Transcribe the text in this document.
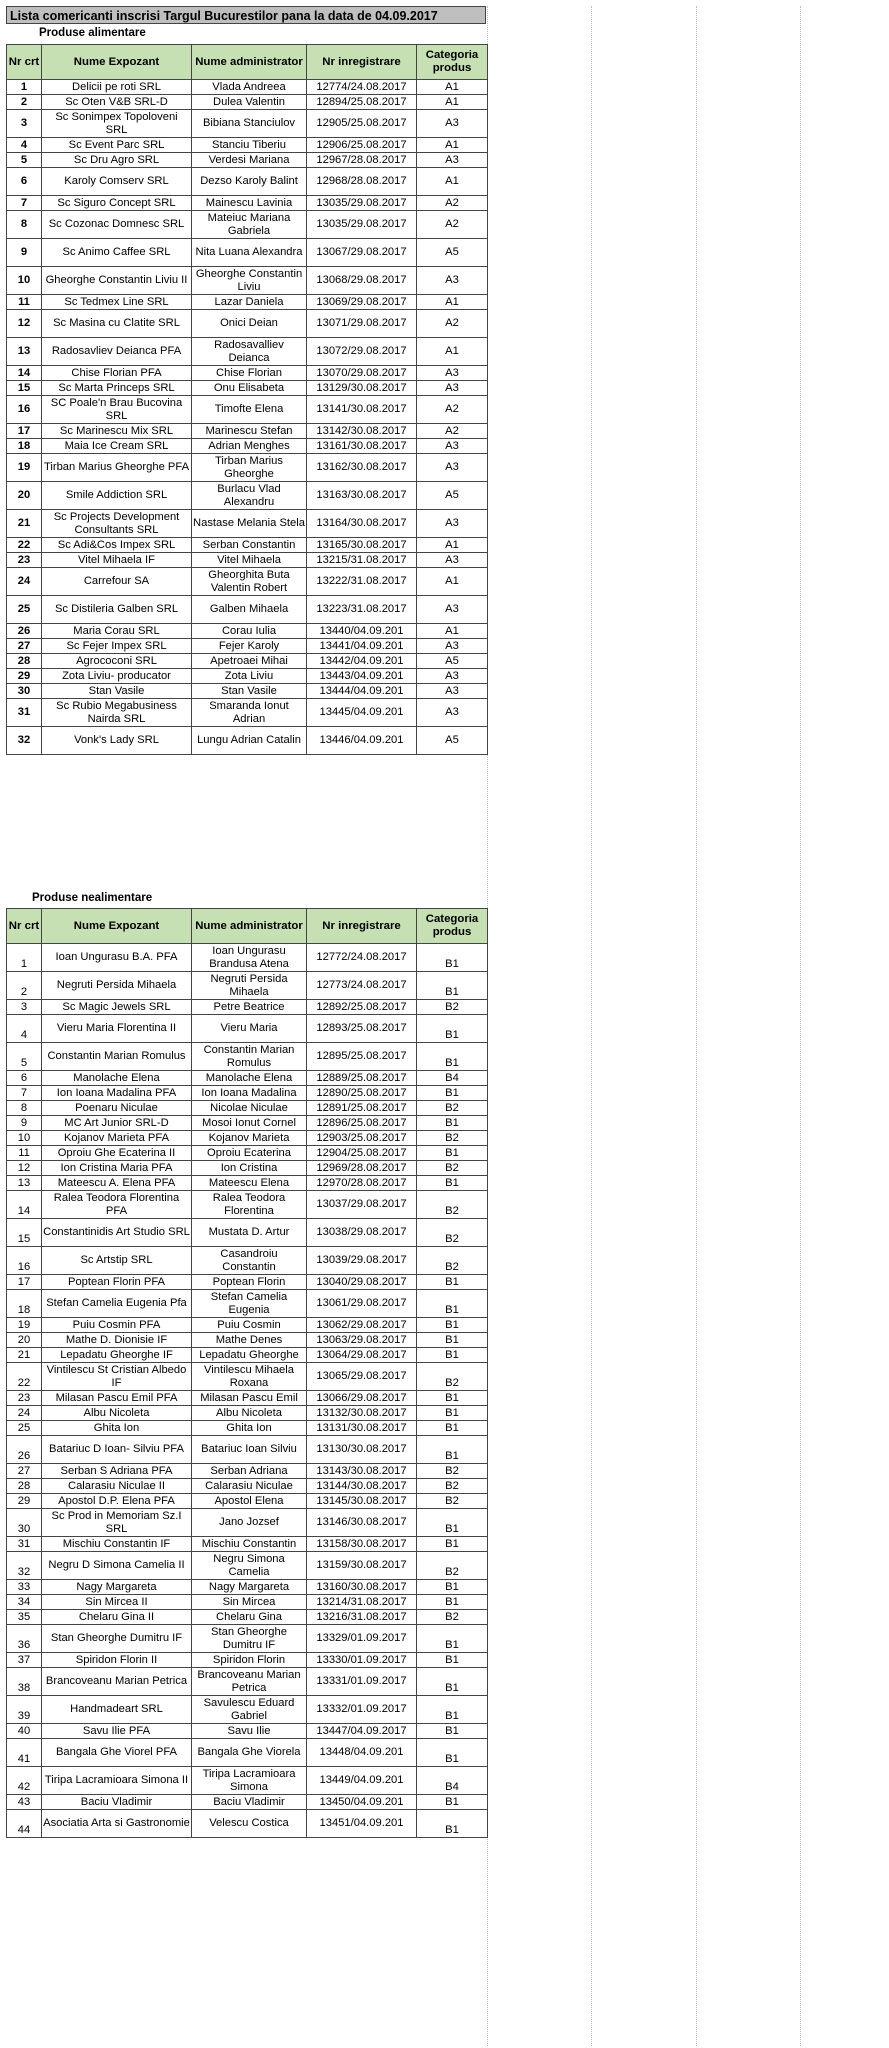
Lista comericanti inscrisi Targul Bucurestilor pana la data de 04.09.2017
Produse alimentare
Nr crt	Nume Expozant	Nume administrator	Nr inregistrare	Categoria produs
1	Delicii pe roti SRL	Vlada Andreea	12774/24.08.2017	A1
2	Sc Oten V&B SRL-D	Dulea Valentin	12894/25.08.2017	A1
3	Sc Sonimpex Topoloveni SRL	Bibiana Stanciulov	12905/25.08.2017	A3
4	Sc Event Parc SRL	Stanciu Tiberiu	12906/25.08.2017	A1
5	Sc Dru Agro SRL	Verdesi Mariana	12967/28.08.2017	A3
6	Karoly Comserv SRL	Dezso Karoly Balint	12968/28.08.2017	A1
7	Sc Siguro Concept SRL	Mainescu Lavinia	13035/29.08.2017	A2
8	Sc Cozonac Domnesc SRL	Mateiuc Mariana Gabriela	13035/29.08.2017	A2
9	Sc Animo Caffee SRL	Nita Luana Alexandra	13067/29.08.2017	A5
10	Gheorghe Constantin Liviu II	Gheorghe Constantin Liviu	13068/29.08.2017	A3
11	Sc Tedmex Line SRL	Lazar Daniela	13069/29.08.2017	A1
12	Sc Masina cu Clatite SRL	Onici Deian	13071/29.08.2017	A2
13	Radosavliev Deianca PFA	Radosavalliev Deianca	13072/29.08.2017	A1
14	Chise Florian PFA	Chise Florian	13070/29.08.2017	A3
15	Sc Marta Princeps SRL	Onu Elisabeta	13129/30.08.2017	A3
16	SC Poale'n Brau Bucovina SRL	Timofte Elena	13141/30.08.2017	A2
17	Sc Marinescu Mix SRL	Marinescu Stefan	13142/30.08.2017	A2
18	Maia Ice Cream SRL	Adrian Menghes	13161/30.08.2017	A3
19	Tirban Marius Gheorghe PFA	Tirban Marius Gheorghe	13162/30.08.2017	A3
20	Smile Addiction SRL	Burlacu Vlad Alexandru	13163/30.08.2017	A5
21	Sc Projects Development Consultants SRL	Nastase Melania Stela	13164/30.08.2017	A3
22	Sc Adi&Cos Impex SRL	Serban Constantin	13165/30.08.2017	A1
23	Vitel Mihaela IF	Vitel Mihaela	13215/31.08.2017	A3
24	Carrefour SA	Gheorghita Buta Valentin Robert	13222/31.08.2017	A1
25	Sc Distileria Galben SRL	Galben Mihaela	13223/31.08.2017	A3
26	Maria Corau SRL	Corau Iulia	13440/04.09.201	A1
27	Sc Fejer Impex SRL	Fejer Karoly	13441/04.09.201	A3
28	Agrococoni SRL	Apetroaei Mihai	13442/04.09.201	A5
29	Zota Liviu- producator	Zota Liviu	13443/04.09.201	A3
30	Stan Vasile	Stan Vasile	13444/04.09.201	A3
31	Sc Rubio Megabusiness Nairda SRL	Smaranda Ionut Adrian	13445/04.09.201	A3
32	Vonk's Lady SRL	Lungu Adrian Catalin	13446/04.09.201	A5
Produse nealimentare
Nr crt	Nume Expozant	Nume administrator	Nr inregistrare	Categoria produs
1	Ioan Ungurasu B.A. PFA	Ioan Ungurasu Brandusa Atena	12772/24.08.2017	B1
2	Negruti Persida Mihaela	Negruti Persida Mihaela	12773/24.08.2017	B1
3	Sc Magic Jewels SRL	Petre Beatrice	12892/25.08.2017	B2
4	Vieru Maria Florentina II	Vieru Maria	12893/25.08.2017	B1
5	Constantin Marian Romulus	Constantin Marian Romulus	12895/25.08.2017	B1
6	Manolache Elena	Manolache Elena	12889/25.08.2017	B4
7	Ion Ioana Madalina PFA	Ion Ioana Madalina	12890/25.08.2017	B1
8	Poenaru Niculae	Nicolae Niculae	12891/25.08.2017	B2
9	MC Art Junior SRL-D	Mosoi Ionut Cornel	12896/25.08.2017	B1
10	Kojanov Marieta PFA	Kojanov Marieta	12903/25.08.2017	B2
11	Oproiu Ghe Ecaterina II	Oproiu Ecaterina	12904/25.08.2017	B1
12	Ion Cristina Maria PFA	Ion Cristina	12969/28.08.2017	B2
13	Mateescu A. Elena PFA	Mateescu Elena	12970/28.08.2017	B1
14	Ralea Teodora Florentina PFA	Ralea Teodora Florentina	13037/29.08.2017	B2
15	Constantinidis Art Studio SRL	Mustata D. Artur	13038/29.08.2017	B2
16	Sc Artstip SRL	Casandroiu Constantin	13039/29.08.2017	B2
17	Poptean Florin PFA	Poptean Florin	13040/29.08.2017	B1
18	Stefan Camelia Eugenia Pfa	Stefan Camelia Eugenia	13061/29.08.2017	B1
19	Puiu Cosmin PFA	Puiu Cosmin	13062/29.08.2017	B1
20	Mathe D. Dionisie IF	Mathe Denes	13063/29.08.2017	B1
21	Lepadatu Gheorghe IF	Lepadatu Gheorghe	13064/29.08.2017	B1
22	Vintilescu St Cristian Albedo IF	Vintilescu Mihaela Roxana	13065/29.08.2017	B2
23	Milasan Pascu Emil PFA	Milasan Pascu Emil	13066/29.08.2017	B1
24	Albu Nicoleta	Albu Nicoleta	13132/30.08.2017	B1
25	Ghita Ion	Ghita Ion	13131/30.08.2017	B1
26	Batariuc D Ioan- Silviu PFA	Batariuc Ioan Silviu	13130/30.08.2017	B1
27	Serban S Adriana PFA	Serban Adriana	13143/30.08.2017	B2
28	Calarasiu Niculae II	Calarasiu Niculae	13144/30.08.2017	B2
29	Apostol D.P. Elena PFA	Apostol Elena	13145/30.08.2017	B2
30	Sc Prod in Memoriam Sz.I SRL	Jano Jozsef	13146/30.08.2017	B1
31	Mischiu Constantin IF	Mischiu Constantin	13158/30.08.2017	B1
32	Negru D Simona Camelia II	Negru Simona Camelia	13159/30.08.2017	B2
33	Nagy Margareta	Nagy Margareta	13160/30.08.2017	B1
34	Sin Mircea II	Sin Mircea	13214/31.08.2017	B1
35	Chelaru Gina II	Chelaru Gina	13216/31.08.2017	B2
36	Stan Gheorghe Dumitru IF	Stan Gheorghe Dumitru IF	13329/01.09.2017	B1
37	Spiridon Florin II	Spiridon Florin	13330/01.09.2017	B1
38	Brancoveanu Marian Petrica	Brancoveanu Marian Petrica	13331/01.09.2017	B1
39	Handmadeart SRL	Savulescu Eduard Gabriel	13332/01.09.2017	B1
40	Savu Ilie PFA	Savu Ilie	13447/04.09.2017	B1
41	Bangala Ghe Viorel PFA	Bangala Ghe Viorela	13448/04.09.201	B1
42	Tiripa Lacramioara Simona II	Tiripa Lacramioara Simona	13449/04.09.201	B4
43	Baciu Vladimir	Baciu Vladimir	13450/04.09.201	B1
44	Asociatia Arta si Gastronomie	Velescu Costica	13451/04.09.201	B1
